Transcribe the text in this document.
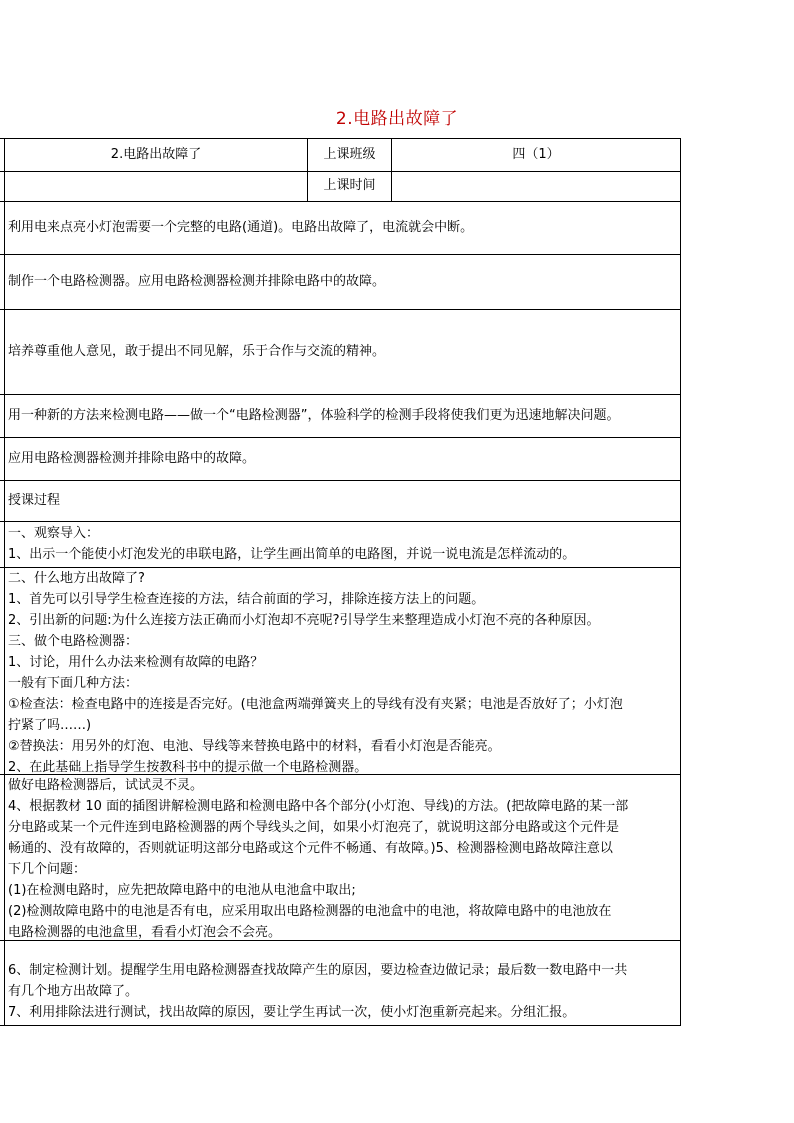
2.电路出故障了
2.电路出故障了	上课班级	四（1）
上课时间

利用电来点亮小灯泡需要一个完整的电路(通道)。电路出故障了，电流就会中断。

制作一个电路检测器。应用电路检测器检测并排除电路中的故障。

培养尊重他人意见，敢于提出不同见解，乐于合作与交流的精神。

用一种新的方法来检测电路——做一个“电路检测器”，体验科学的检测手段将使我们更为迅速地解决问题。

应用电路检测器检测并排除电路中的故障。

授课过程

一、观察导入：

1、出示一个能使小灯泡发光的串联电路，让学生画出简单的电路图，并说一说电流是怎样流动的。

二、什么地方出故障了?

1、首先可以引导学生检查连接的方法，结合前面的学习，排除连接方法上的问题。

2、引出新的问题:为什么连接方法正确而小灯泡却不亮呢?引导学生来整理造成小灯泡不亮的各种原因。

三、做个电路检测器：

1、讨论，用什么办法来检测有故障的电路？

一般有下面几种方法：

①检查法：检查电路中的连接是否完好。(电池盒两端弹簧夹上的导线有没有夹紧；电池是否放好了；小灯泡

拧紧了吗……)

②替换法：用另外的灯泡、电池、导线等来替换电路中的材料，看看小灯泡是否能亮。

2、在此基础上指导学生按教科书中的提示做一个电路检测器。

做好电路检测器后，试试灵不灵。

4、根据教材 10 面的插图讲解检测电路和检测电路中各个部分(小灯泡、导线)的方法。(把故障电路的某一部

分电路或某一个元件连到电路检测器的两个导线头之间，如果小灯泡亮了，就说明这部分电路或这个元件是

畅通的、没有故障的，否则就证明这部分电路或这个元件不畅通、有故障。)5、检测器检测电路故障注意以

下几个问题：

(1)在检测电路时，应先把故障电路中的电池从电池盒中取出;

(2)检测故障电路中的电池是否有电，应采用取出电路检测器的电池盒中的电池，将故障电路中的电池放在

电路检测器的电池盒里，看看小灯泡会不会亮。

6、制定检测计划。提醒学生用电路检测器查找故障产生的原因，要边检查边做记录；最后数一数电路中一共

有几个地方出故障了。

7、利用排除法进行测试，找出故障的原因，要让学生再试一次，使小灯泡重新亮起来。分组汇报。
